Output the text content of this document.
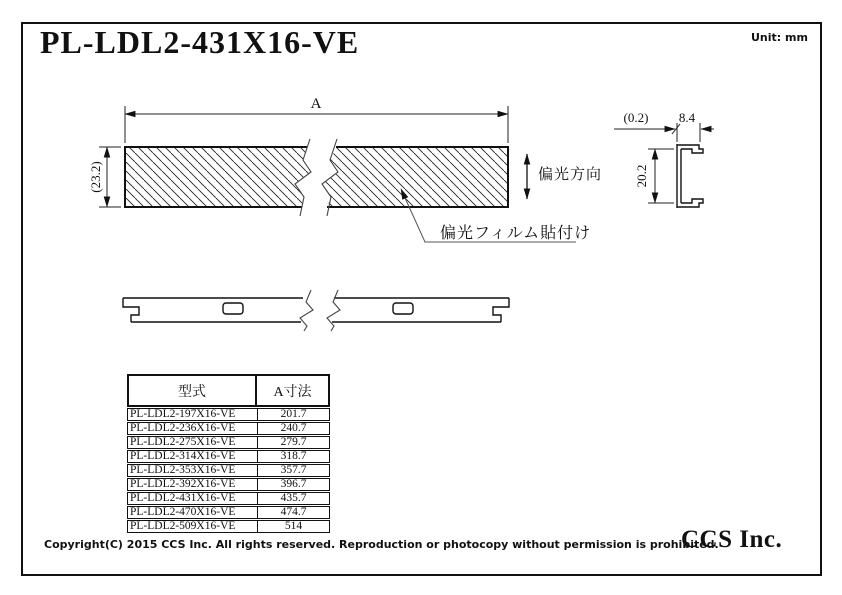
PL-LDL2-431X16-VE	Unit: mm
A
(23.2)	偏光方向
偏光フィルム貼付け
(0.2) 8.4
20.2
型式	A寸法
PL-LDL2-197X16-VE	201.7
PL-LDL2-236X16-VE	240.7
PL-LDL2-275X16-VE	279.7
PL-LDL2-314X16-VE	318.7
PL-LDL2-353X16-VE	357.7
PL-LDL2-392X16-VE	396.7
PL-LDL2-431X16-VE	435.7
PL-LDL2-470X16-VE	474.7
PL-LDL2-509X16-VE	514
Copyright(C) 2015 CCS Inc. All rights reserved. Reproduction or photocopy without permission is prohibited.
CCS Inc.
